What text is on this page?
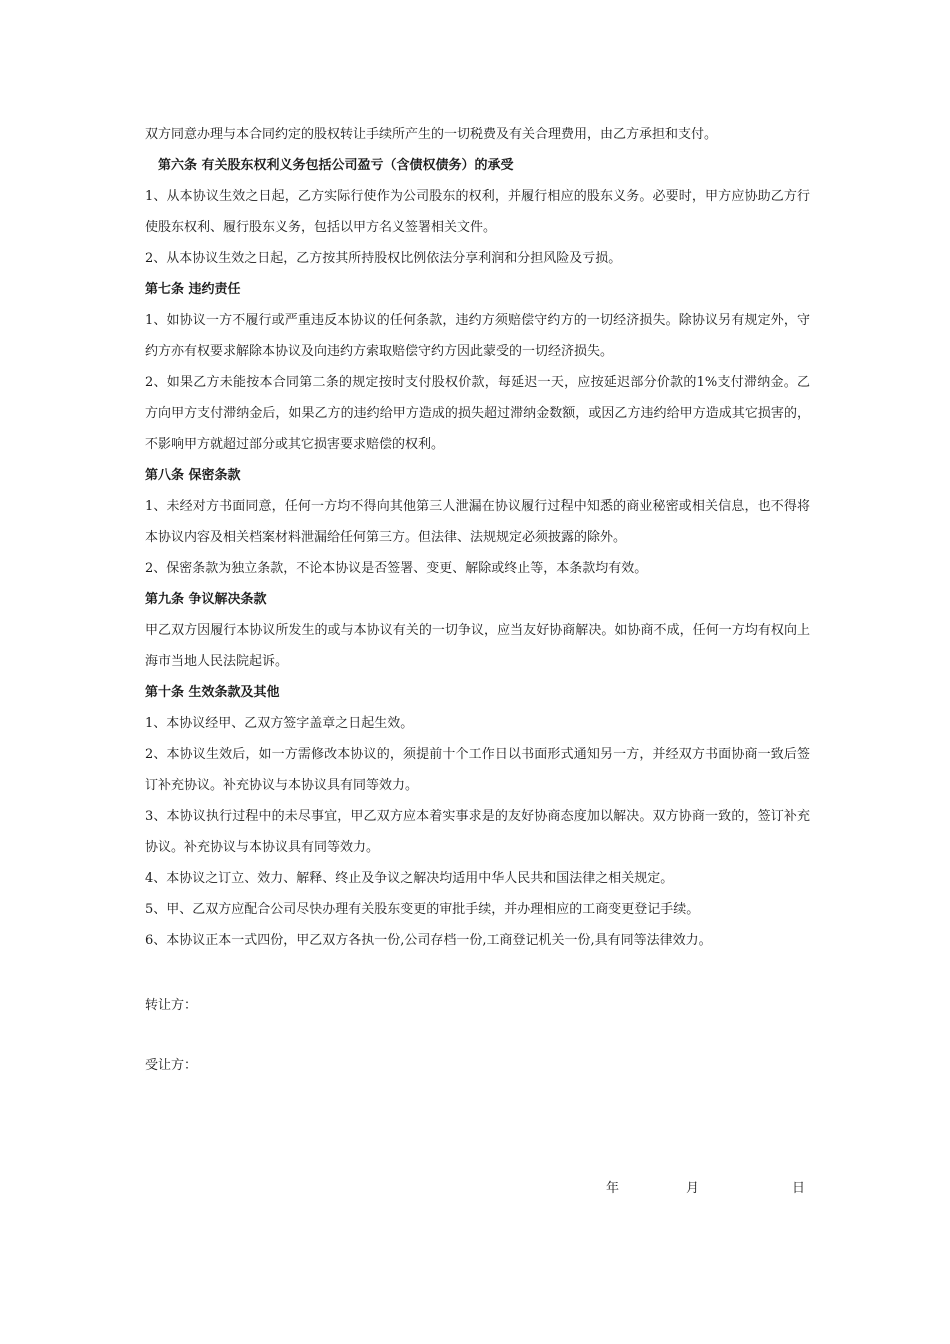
双方同意办理与本合同约定的股权转让手续所产生的一切税费及有关合理费用，由乙方承担和支付。

第六条 有关股东权利义务包括公司盈亏（含债权债务）的承受

1、从本协议生效之日起，乙方实际行使作为公司股东的权利，并履行相应的股东义务。必要时，甲方应协助乙方行使股东权利、履行股东义务，包括以甲方名义签署相关文件。

2、从本协议生效之日起，乙方按其所持股权比例依法分享利润和分担风险及亏损。

第七条 违约责任

1、如协议一方不履行或严重违反本协议的任何条款，违约方须赔偿守约方的一切经济损失。除协议另有规定外，守约方亦有权要求解除本协议及向违约方索取赔偿守约方因此蒙受的一切经济损失。

2、如果乙方未能按本合同第二条的规定按时支付股权价款，每延迟一天，应按延迟部分价款的1%支付滞纳金。乙方向甲方支付滞纳金后，如果乙方的违约给甲方造成的损失超过滞纳金数额，或因乙方违约给甲方造成其它损害的，不影响甲方就超过部分或其它损害要求赔偿的权利。

第八条 保密条款

1、未经对方书面同意，任何一方均不得向其他第三人泄漏在协议履行过程中知悉的商业秘密或相关信息，也不得将本协议内容及相关档案材料泄漏给任何第三方。但法律、法规规定必须披露的除外。

2、保密条款为独立条款，不论本协议是否签署、变更、解除或终止等，本条款均有效。

第九条 争议解决条款

甲乙双方因履行本协议所发生的或与本协议有关的一切争议，应当友好协商解决。如协商不成，任何一方均有权向上海市当地人民法院起诉。

第十条 生效条款及其他

1、本协议经甲、乙双方签字盖章之日起生效。

2、本协议生效后，如一方需修改本协议的，须提前十个工作日以书面形式通知另一方，并经双方书面协商一致后签订补充协议。补充协议与本协议具有同等效力。

3、本协议执行过程中的未尽事宜，甲乙双方应本着实事求是的友好协商态度加以解决。双方协商一致的，签订补充协议。补充协议与本协议具有同等效力。

4、本协议之订立、效力、解释、终止及争议之解决均适用中华人民共和国法律之相关规定。

5、甲、乙双方应配合公司尽快办理有关股东变更的审批手续，并办理相应的工商变更登记手续。

6、本协议正本一式四份，甲乙双方各执一份,公司存档一份,工商登记机关一份,具有同等法律效力。

转让方：

受让方：

年	月	日
